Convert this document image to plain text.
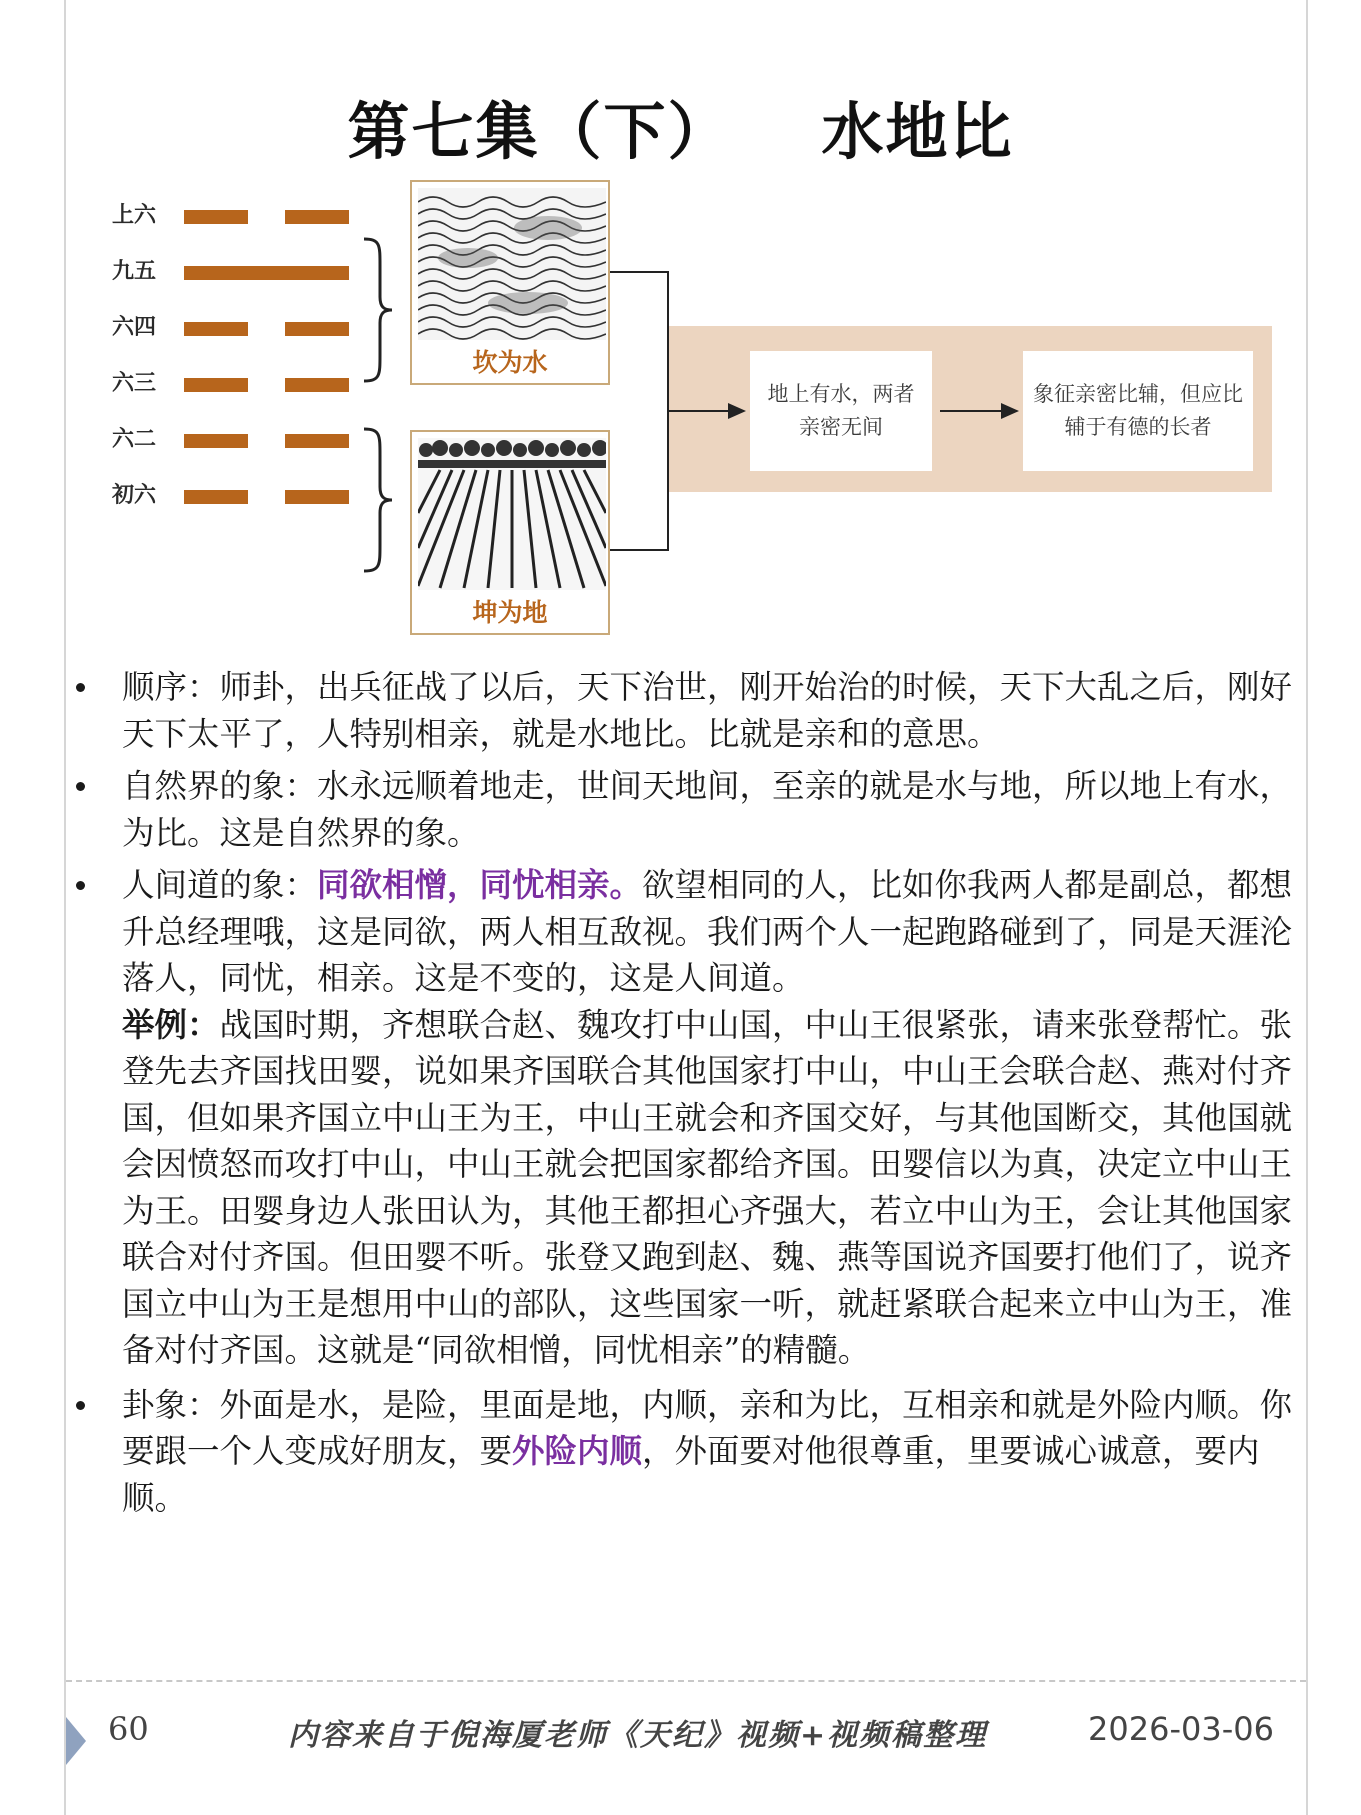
第七集（下） 水地比
上六
九五
六四
六三
六二
初六
坎为水
坤为地
地上有水，两者亲密无间
象征亲密比辅，但应比辅于有德的长者
顺序：师卦，出兵征战了以后，天下治世，刚开始治的时候，天下大乱之后，刚好天下太平了，人特别相亲，就是水地比。比就是亲和的意思。
自然界的象：水永远顺着地走，世间天地间，至亲的就是水与地，所以地上有水，为比。这是自然界的象。
人间道的象：同欲相憎，同忧相亲。欲望相同的人，比如你我两人都是副总，都想升总经理哦，这是同欲，两人相互敌视。我们两个人一起跑路碰到了，同是天涯沦落人，同忧，相亲。这是不变的，这是人间道。
举例：战国时期，齐想联合赵、魏攻打中山国，中山王很紧张，请来张登帮忙。张登先去齐国找田婴，说如果齐国联合其他国家打中山，中山王会联合赵、燕对付齐国，但如果齐国立中山王为王，中山王就会和齐国交好，与其他国断交，其他国就会因愤怒而攻打中山，中山王就会把国家都给齐国。田婴信以为真，决定立中山王为王。田婴身边人张田认为，其他王都担心齐强大，若立中山为王，会让其他国家联合对付齐国。但田婴不听。张登又跑到赵、魏、燕等国说齐国要打他们了，说齐国立中山为王是想用中山的部队，这些国家一听，就赶紧联合起来立中山为王，准备对付齐国。这就是“同欲相憎，同忧相亲”的精髓。
卦象：外面是水，是险，里面是地，内顺，亲和为比，互相亲和就是外险内顺。你要跟一个人变成好朋友，要外险内顺，外面要对他很尊重，里要诚心诚意，要内顺。
60	内容来自于倪海厦老师《天纪》视频+视频稿整理	2026-03-06
